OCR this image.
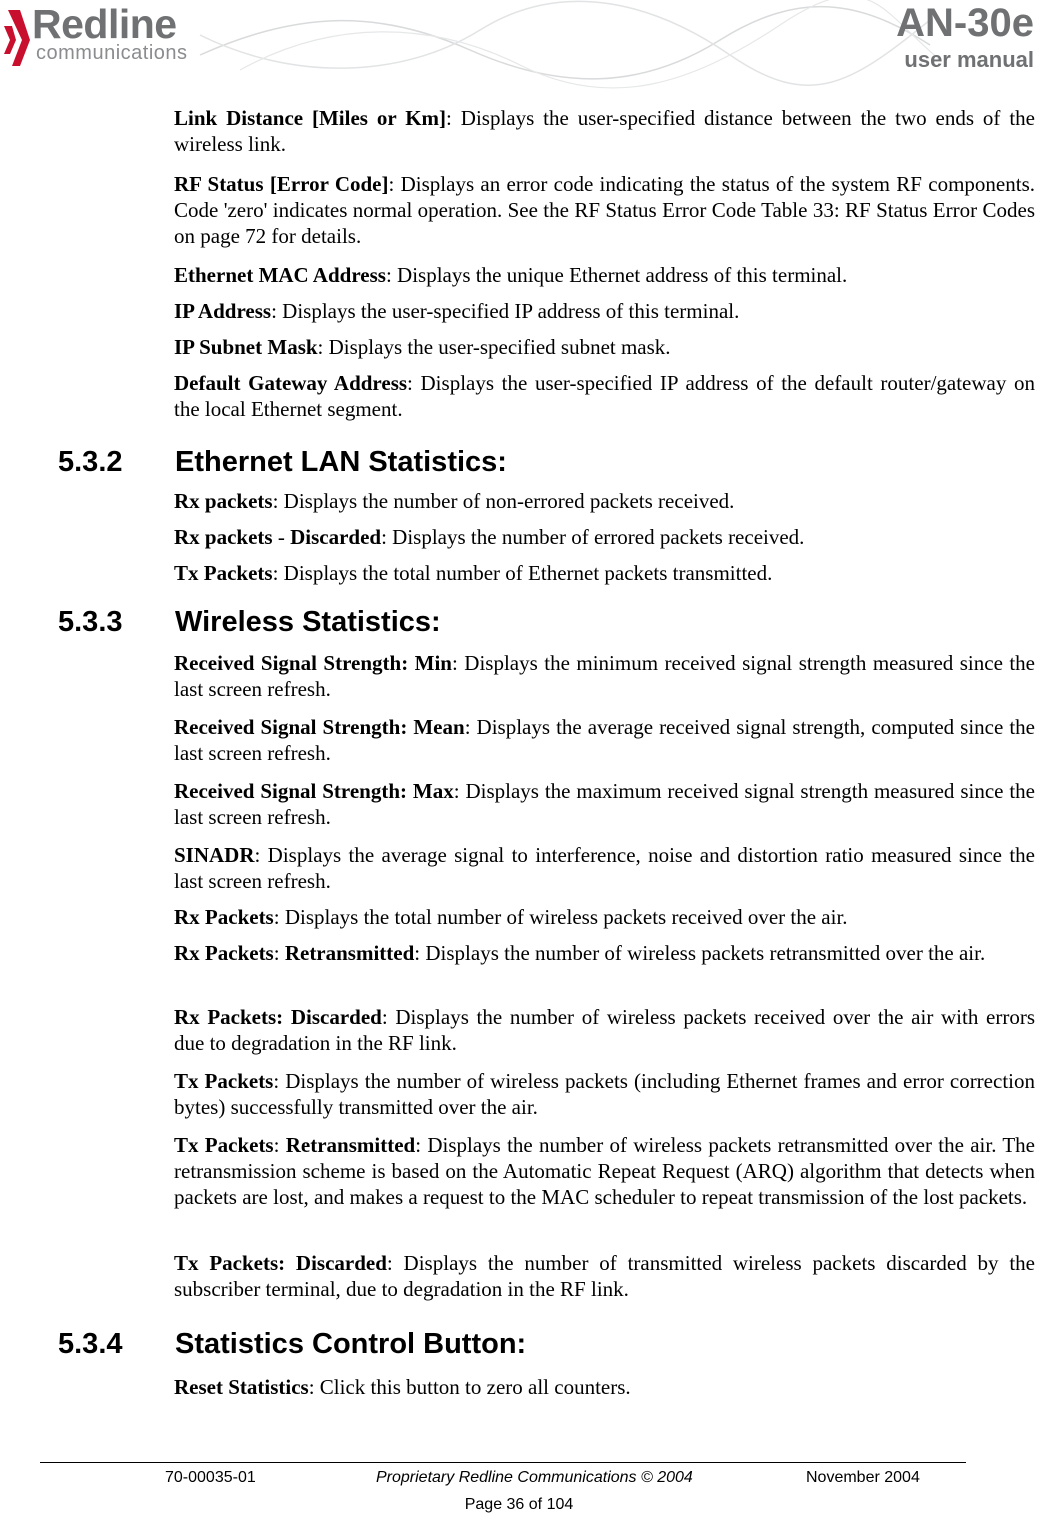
Redline
communications
AN-30e
user manual

Link Distance [Miles or Km]: Displays the user-specified distance between the two ends of the wireless link.

RF Status [Error Code]: Displays an error code indicating the status of the system RF components. Code 'zero' indicates normal operation. See the RF Status Error Code Table 33: RF Status Error Codes on page 72 for details.

Ethernet MAC Address: Displays the unique Ethernet address of this terminal.

IP Address: Displays the user-specified IP address of this terminal.

IP Subnet Mask: Displays the user-specified subnet mask.

Default Gateway Address: Displays the user-specified IP address of the default router/gateway on the local Ethernet segment.

5.3.2 Ethernet LAN Statistics:

Rx packets: Displays the number of non-errored packets received.

Rx packets - Discarded: Displays the number of errored packets received.

Tx Packets: Displays the total number of Ethernet packets transmitted.

5.3.3 Wireless Statistics:

Received Signal Strength: Min: Displays the minimum received signal strength measured since the last screen refresh.

Received Signal Strength: Mean: Displays the average received signal strength, computed since the last screen refresh.

Received Signal Strength: Max: Displays the maximum received signal strength measured since the last screen refresh.

SINADR: Displays the average signal to interference, noise and distortion ratio measured since the last screen refresh.

Rx Packets: Displays the total number of wireless packets received over the air.

Rx Packets: Retransmitted: Displays the number of wireless packets retransmitted over the air.

Rx Packets: Discarded: Displays the number of wireless packets received over the air with errors due to degradation in the RF link.

Tx Packets: Displays the number of wireless packets (including Ethernet frames and error correction bytes) successfully transmitted over the air.

Tx Packets: Retransmitted: Displays the number of wireless packets retransmitted over the air. The retransmission scheme is based on the Automatic Repeat Request (ARQ) algorithm that detects when packets are lost, and makes a request to the MAC scheduler to repeat transmission of the lost packets.

Tx Packets: Discarded: Displays the number of transmitted wireless packets discarded by the subscriber terminal, due to degradation in the RF link.

5.3.4 Statistics Control Button:

Reset Statistics: Click this button to zero all counters.

70-00035-01	Proprietary Redline Communications © 2004	November 2004
Page 36 of 104
